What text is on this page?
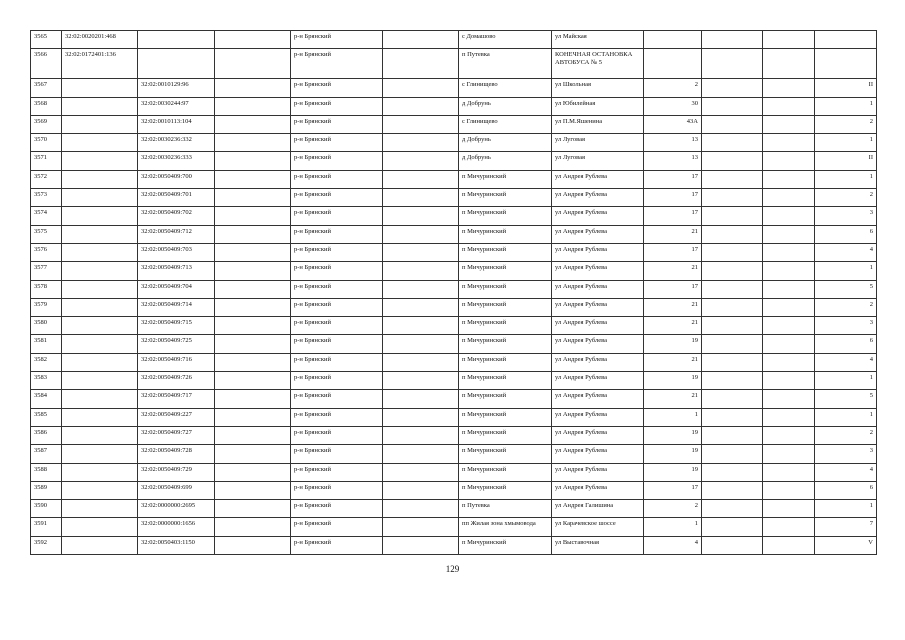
3565	32:02:0020201:468			р-н Брянский		с Домашово	ул Майская				
3566	32:02:0172401:136			р-н Брянский		п Путевка	КОНЕЧНАЯ ОСТАНОВКА АВТОБУСА № 5				
3567		32:02:0010129:96		р-н Брянский		с Глинищево	ул Школьная	2			II
3568		32:02:0030244:97		р-н Брянский		д Добрунь	ул Юбилейная	30			1
3569		32:02:0010113:104		р-н Брянский		с Глинищево	ул П.М.Яшенина	43А			2
3570		32:02:0030236:332		р-н Брянский		д Добрунь	ул Луговая	13			1
3571		32:02:0030236:333		р-н Брянский		д Добрунь	ул Луговая	13			II
3572		32:02:0050409:700		р-н Брянский		п Мичуринский	ул Андрея Рублева	17			1
3573		32:02:0050409:701		р-н Брянский		п Мичуринский	ул Андрея Рублева	17			2
3574		32:02:0050409:702		р-н Брянский		п Мичуринский	ул Андрея Рублева	17			3
3575		32:02:0050409:712		р-н Брянский		п Мичуринский	ул Андрея Рублева	21			6
3576		32:02:0050409:703		р-н Брянский		п Мичуринский	ул Андрея Рублева	17			4
3577		32:02:0050409:713		р-н Брянский		п Мичуринский	ул Андрея Рублева	21			1
3578		32:02:0050409:704		р-н Брянский		п Мичуринский	ул Андрея Рублева	17			5
3579		32:02:0050409:714		р-н Брянский		п Мичуринский	ул Андрея Рублева	21			2
3580		32:02:0050409:715		р-н Брянский		п Мичуринский	ул Андрея Рублева	21			3
3581		32:02:0050409:725		р-н Брянский		п Мичуринский	ул Андрея Рублева	19			6
3582		32:02:0050409:716		р-н Брянский		п Мичуринский	ул Андрея Рублева	21			4
3583		32:02:0050409:726		р-н Брянский		п Мичуринский	ул Андрея Рублева	19			1
3584		32:02:0050409:717		р-н Брянский		п Мичуринский	ул Андрея Рублева	21			5
3585		32:02:0050409:227		р-н Брянский		п Мичуринский	ул Андрея Рублева	1			1
3586		32:02:0050409:727		р-н Брянский		п Мичуринский	ул Андрея Рублева	19			2
3587		32:02:0050409:728		р-н Брянский		п Мичуринский	ул Андрея Рублева	19			3
3588		32:02:0050409:729		р-н Брянский		п Мичуринский	ул Андрея Рублева	19			4
3589		32:02:0050409:699		р-н Брянский		п Мичуринский	ул Андрея Рублева	17			6
3590		32:02:0000000:2695		р-н Брянский		п Путевка	ул Андрея Галишина	2			1
3591		32:02:0000000:1656		р-н Брянский		пп Жилая зона хмымовода	ул Карачевское шоссе	1			7
3592		32:02:0050403:1150		р-н Брянский		п Мичуринский	ул Выставочная	4			V
129
